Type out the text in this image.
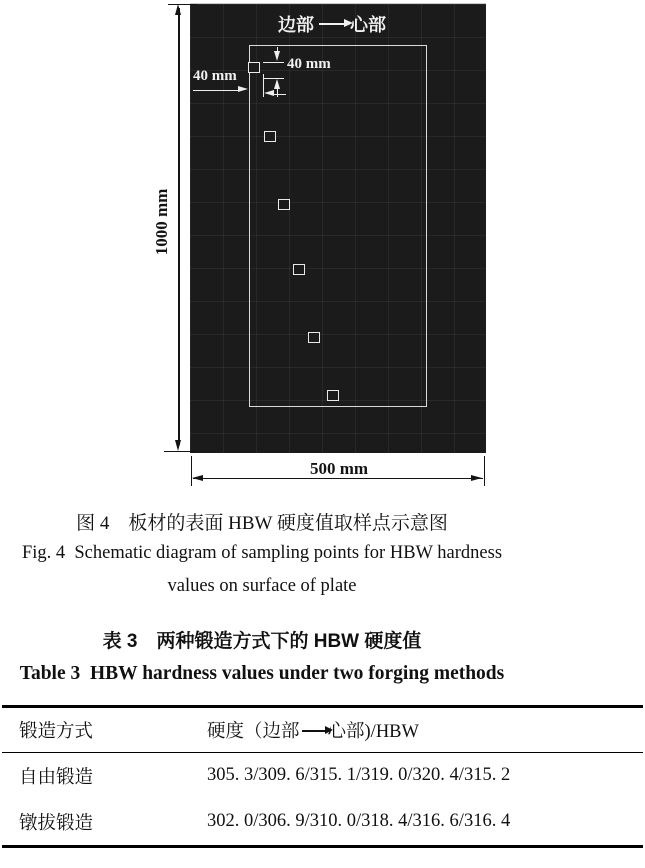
边部 心部
40 mm
40 mm
1000 mm
500 mm
图 4　板材的表面 HBW 硬度值取样点示意图
Fig. 4  Schematic diagram of sampling points for HBW hardness
values on surface of plate
表 3　两种锻造方式下的 HBW 硬度值
Table 3  HBW hardness values under two forging methods
锻造方式	硬度（边部 心部)/HBW
自由锻造	305. 3/309. 6/315. 1/319. 0/320. 4/315. 2
镦拔锻造	302. 0/306. 9/310. 0/318. 4/316. 6/316. 4
